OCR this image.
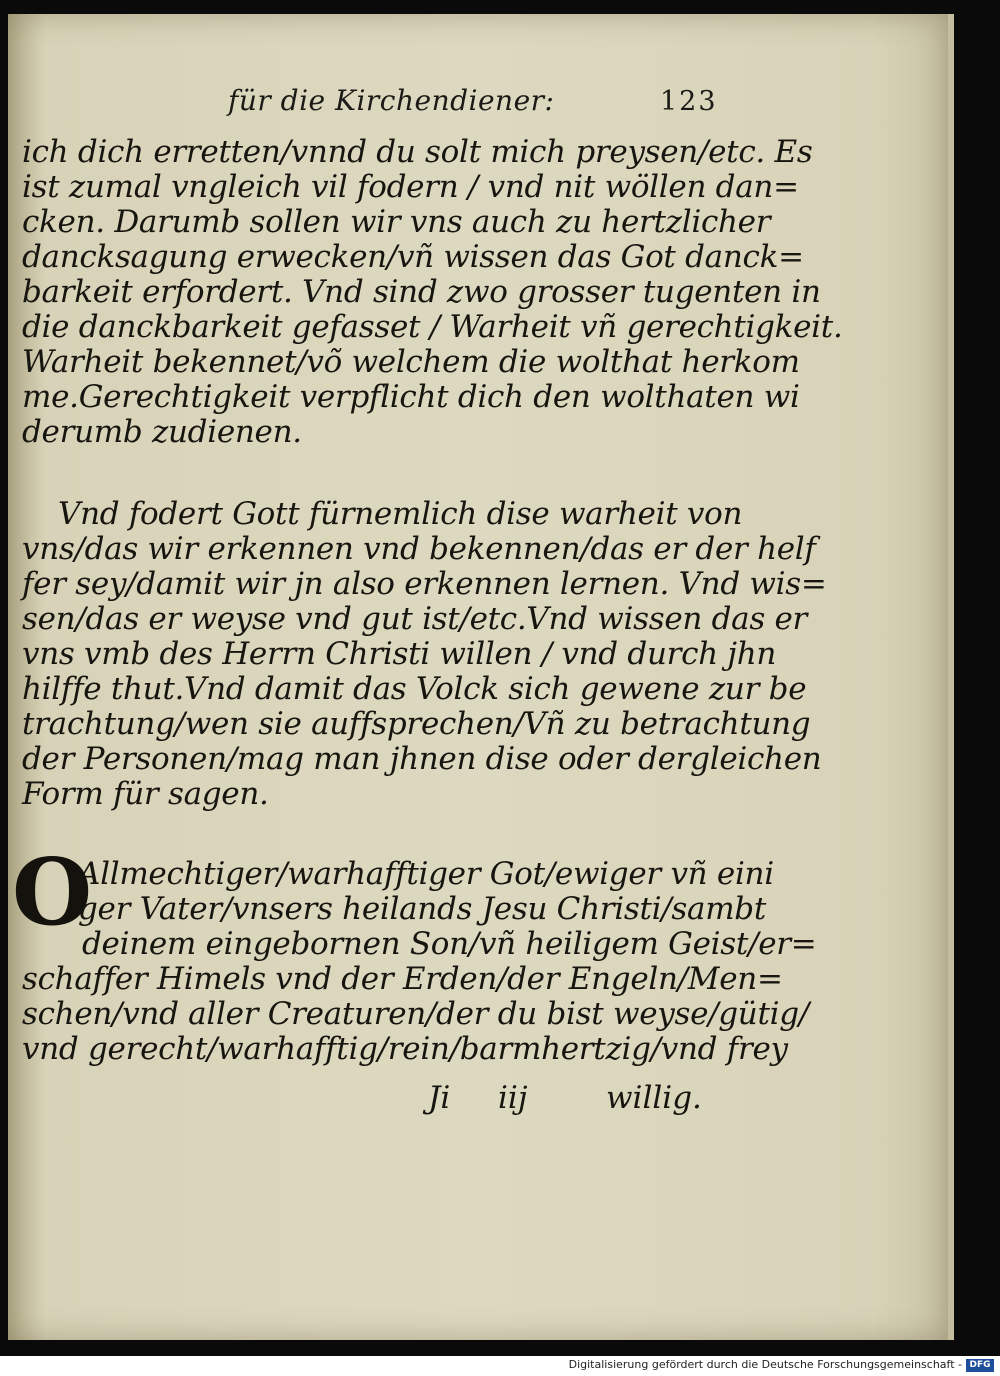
für die Kirchendiener:	123
ich dich erretten/vnnd du solt mich preysen/etc. Es
ist zumal vngleich vil fodern / vnd nit wöllen dan=
cken. Darumb sollen wir vns auch zu hertzlicher
dancksagung erwecken/vñ wissen das Got danck=
barkeit erfordert. Vnd sind zwo grosser tugenten in
die danckbarkeit gefasset / Warheit vñ gerechtigkeit.
Warheit bekennet/võ welchem die wolthat herkom
me.Gerechtigkeit verpflicht dich den wolthaten wi
derumb zudienen.
Vnd fodert Gott fürnemlich dise warheit von
vns/das wir erkennen vnd bekennen/das er der helf
fer sey/damit wir jn also erkennen lernen. Vnd wis=
sen/das er weyse vnd gut ist/etc.Vnd wissen das er
vns vmb des Herrn Christi willen / vnd durch jhn
hilffe thut.Vnd damit das Volck sich gewene zur be
trachtung/wen sie auffsprechen/Vñ zu betrachtung
der Personen/mag man jhnen dise oder dergleichen
Form für sagen.
O
Allmechtiger/warhafftiger Got/ewiger vñ eini
ger Vater/vnsers heilands Jesu Christi/sambt
deinem eingebornen Son/vñ heiligem Geist/er=
schaffer Himels vnd der Erden/der Engeln/Men=
schen/vnd aller Creaturen/der du bist weyse/gütig/
vnd gerecht/warhafftig/rein/barmhertzig/vnd frey
Ji iij	willig.
Digitalisierung gefördert durch die Deutsche Forschungsgemeinschaft - DFG
